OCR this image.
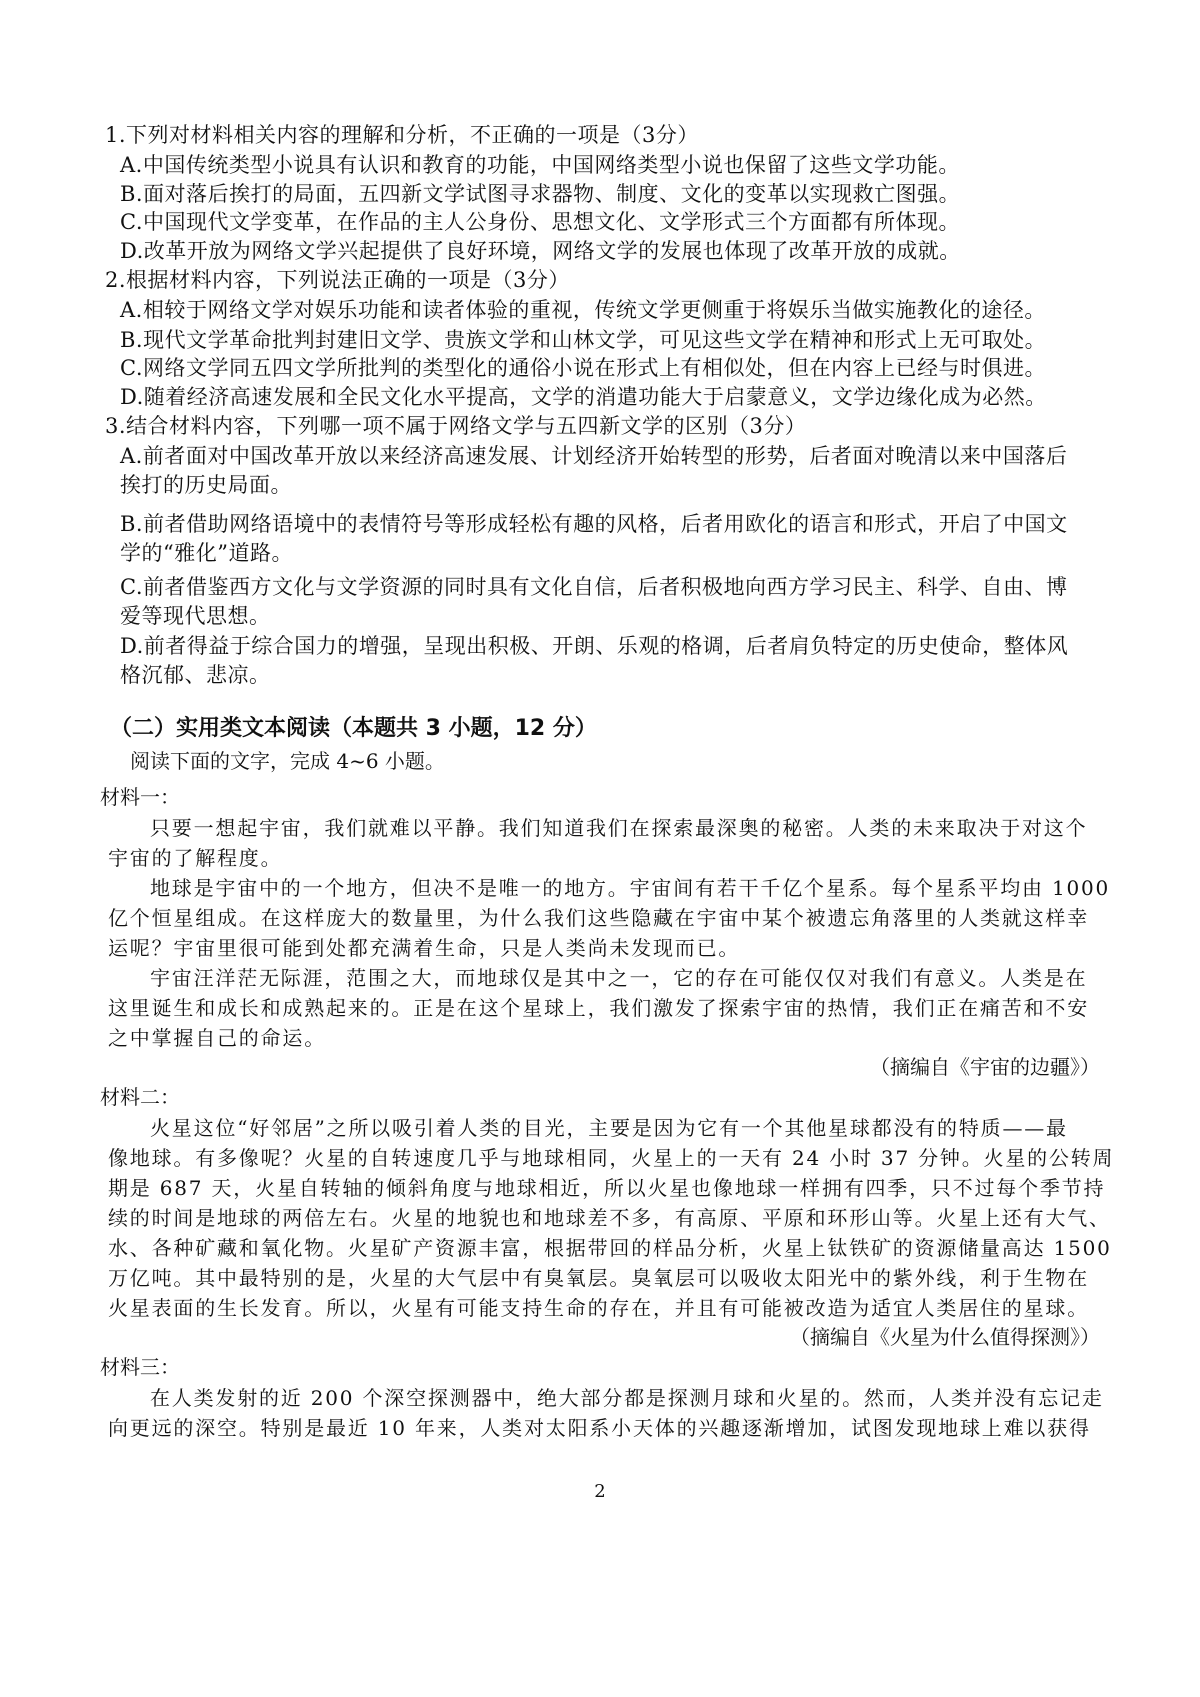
1.下列对材料相关内容的理解和分析，不正确的一项是（3分）
A.中国传统类型小说具有认识和教育的功能，中国网络类型小说也保留了这些文学功能。
B.面对落后挨打的局面，五四新文学试图寻求器物、制度、文化的变革以实现救亡图强。
C.中国现代文学变革，在作品的主人公身份、思想文化、文学形式三个方面都有所体现。
D.改革开放为网络文学兴起提供了良好环境，网络文学的发展也体现了改革开放的成就。
2.根据材料内容，下列说法正确的一项是（3分）
A.相较于网络文学对娱乐功能和读者体验的重视，传统文学更侧重于将娱乐当做实施教化的途径。
B.现代文学革命批判封建旧文学、贵族文学和山林文学，可见这些文学在精神和形式上无可取处。
C.网络文学同五四文学所批判的类型化的通俗小说在形式上有相似处，但在内容上已经与时俱进。
D.随着经济高速发展和全民文化水平提高，文学的消遣功能大于启蒙意义，文学边缘化成为必然。
3.结合材料内容，下列哪一项不属于网络文学与五四新文学的区别（3分）
A.前者面对中国改革开放以来经济高速发展、计划经济开始转型的形势，后者面对晚清以来中国落后
挨打的历史局面。
B.前者借助网络语境中的表情符号等形成轻松有趣的风格，后者用欧化的语言和形式，开启了中国文
学的“雅化”道路。
C.前者借鉴西方文化与文学资源的同时具有文化自信，后者积极地向西方学习民主、科学、自由、博
爱等现代思想。
D.前者得益于综合国力的增强，呈现出积极、开朗、乐观的格调，后者肩负特定的历史使命，整体风
格沉郁、悲凉。
（二）实用类文本阅读（本题共 3 小题，12 分）
阅读下面的文字，完成 4~6 小题。
材料一：
只要一想起宇宙，我们就难以平静。我们知道我们在探索最深奥的秘密。人类的未来取决于对这个
宇宙的了解程度。
地球是宇宙中的一个地方，但决不是唯一的地方。宇宙间有若干千亿个星系。每个星系平均由 1000
亿个恒星组成。在这样庞大的数量里，为什么我们这些隐藏在宇宙中某个被遗忘角落里的人类就这样幸
运呢？宇宙里很可能到处都充满着生命，只是人类尚未发现而已。
宇宙汪洋茫无际涯，范围之大，而地球仅是其中之一，它的存在可能仅仅对我们有意义。人类是在
这里诞生和成长和成熟起来的。正是在这个星球上，我们激发了探索宇宙的热情，我们正在痛苦和不安
之中掌握自己的命运。
（摘编自《宇宙的边疆》）
材料二：
火星这位“好邻居”之所以吸引着人类的目光，主要是因为它有一个其他星球都没有的特质——最
像地球。有多像呢？火星的自转速度几乎与地球相同，火星上的一天有 24 小时 37 分钟。火星的公转周
期是 687 天，火星自转轴的倾斜角度与地球相近，所以火星也像地球一样拥有四季，只不过每个季节持
续的时间是地球的两倍左右。火星的地貌也和地球差不多，有高原、平原和环形山等。火星上还有大气、
水、各种矿藏和氧化物。火星矿产资源丰富，根据带回的样品分析，火星上钛铁矿的资源储量高达 1500
万亿吨。其中最特别的是，火星的大气层中有臭氧层。臭氧层可以吸收太阳光中的紫外线，利于生物在
火星表面的生长发育。所以，火星有可能支持生命的存在，并且有可能被改造为适宜人类居住的星球。
（摘编自《火星为什么值得探测》）
材料三：
在人类发射的近 200 个深空探测器中，绝大部分都是探测月球和火星的。然而，人类并没有忘记走
向更远的深空。特别是最近 10 年来，人类对太阳系小天体的兴趣逐渐增加，试图发现地球上难以获得
2
